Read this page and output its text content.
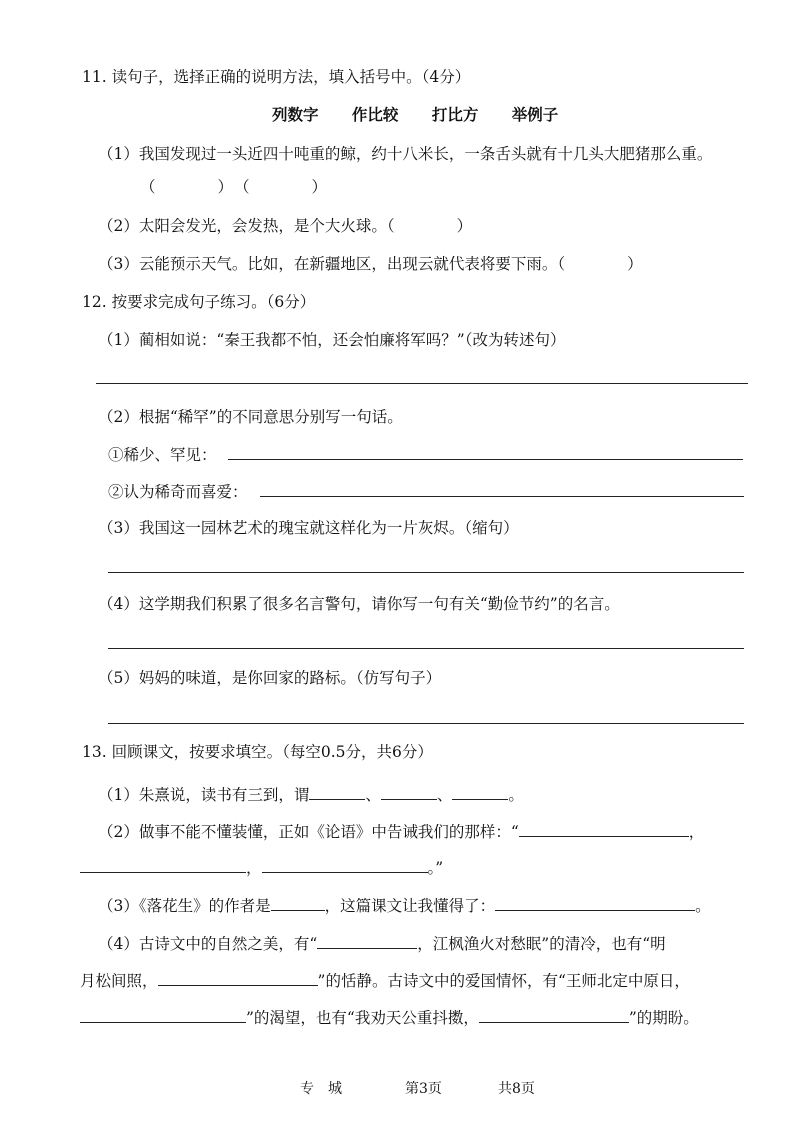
11. 读句子，选择正确的说明方法，填入括号中。（4分）
列数字 作比较 打比方 举例子
（1）我国发现过一头近四十吨重的鲸，约十八米长，一条舌头就有十几头大肥猪那么重。
（　　　　） （　　　　）
（2）太阳会发光，会发热，是个大火球。（　　　　）
（3）云能预示天气。比如，在新疆地区，出现云就代表将要下雨。（　　　　）
12. 按要求完成句子练习。（6分）
（1）蔺相如说：“秦王我都不怕，还会怕廉将军吗？”（改为转述句）
（2）根据“稀罕”的不同意思分别写一句话。
①稀少、罕见：
②认为稀奇而喜爱：
（3）我国这一园林艺术的瑰宝就这样化为一片灰烬。（缩句）
（4）这学期我们积累了很多名言警句，请你写一句有关“勤俭节约”的名言。
（5）妈妈的味道，是你回家的路标。（仿写句子）
13. 回顾课文，按要求填空。（每空0.5分，共6分）
（1）朱熹说，读书有三到，谓	、	、	。
（2）做事不能不懂装懂，正如《论语》中告诫我们的那样：“	，
，	。”
（3）《落花生》的作者是	，这篇课文让我懂得了：	。
（4）古诗文中的自然之美，有“	，江枫渔火对愁眠”的清冷，也有“明
月松间照，	”的恬静。古诗文中的爱国情怀，有“王师北定中原日，
”的渴望，也有“我劝天公重抖擞，	”的期盼。
专　城	第3页	共8页
